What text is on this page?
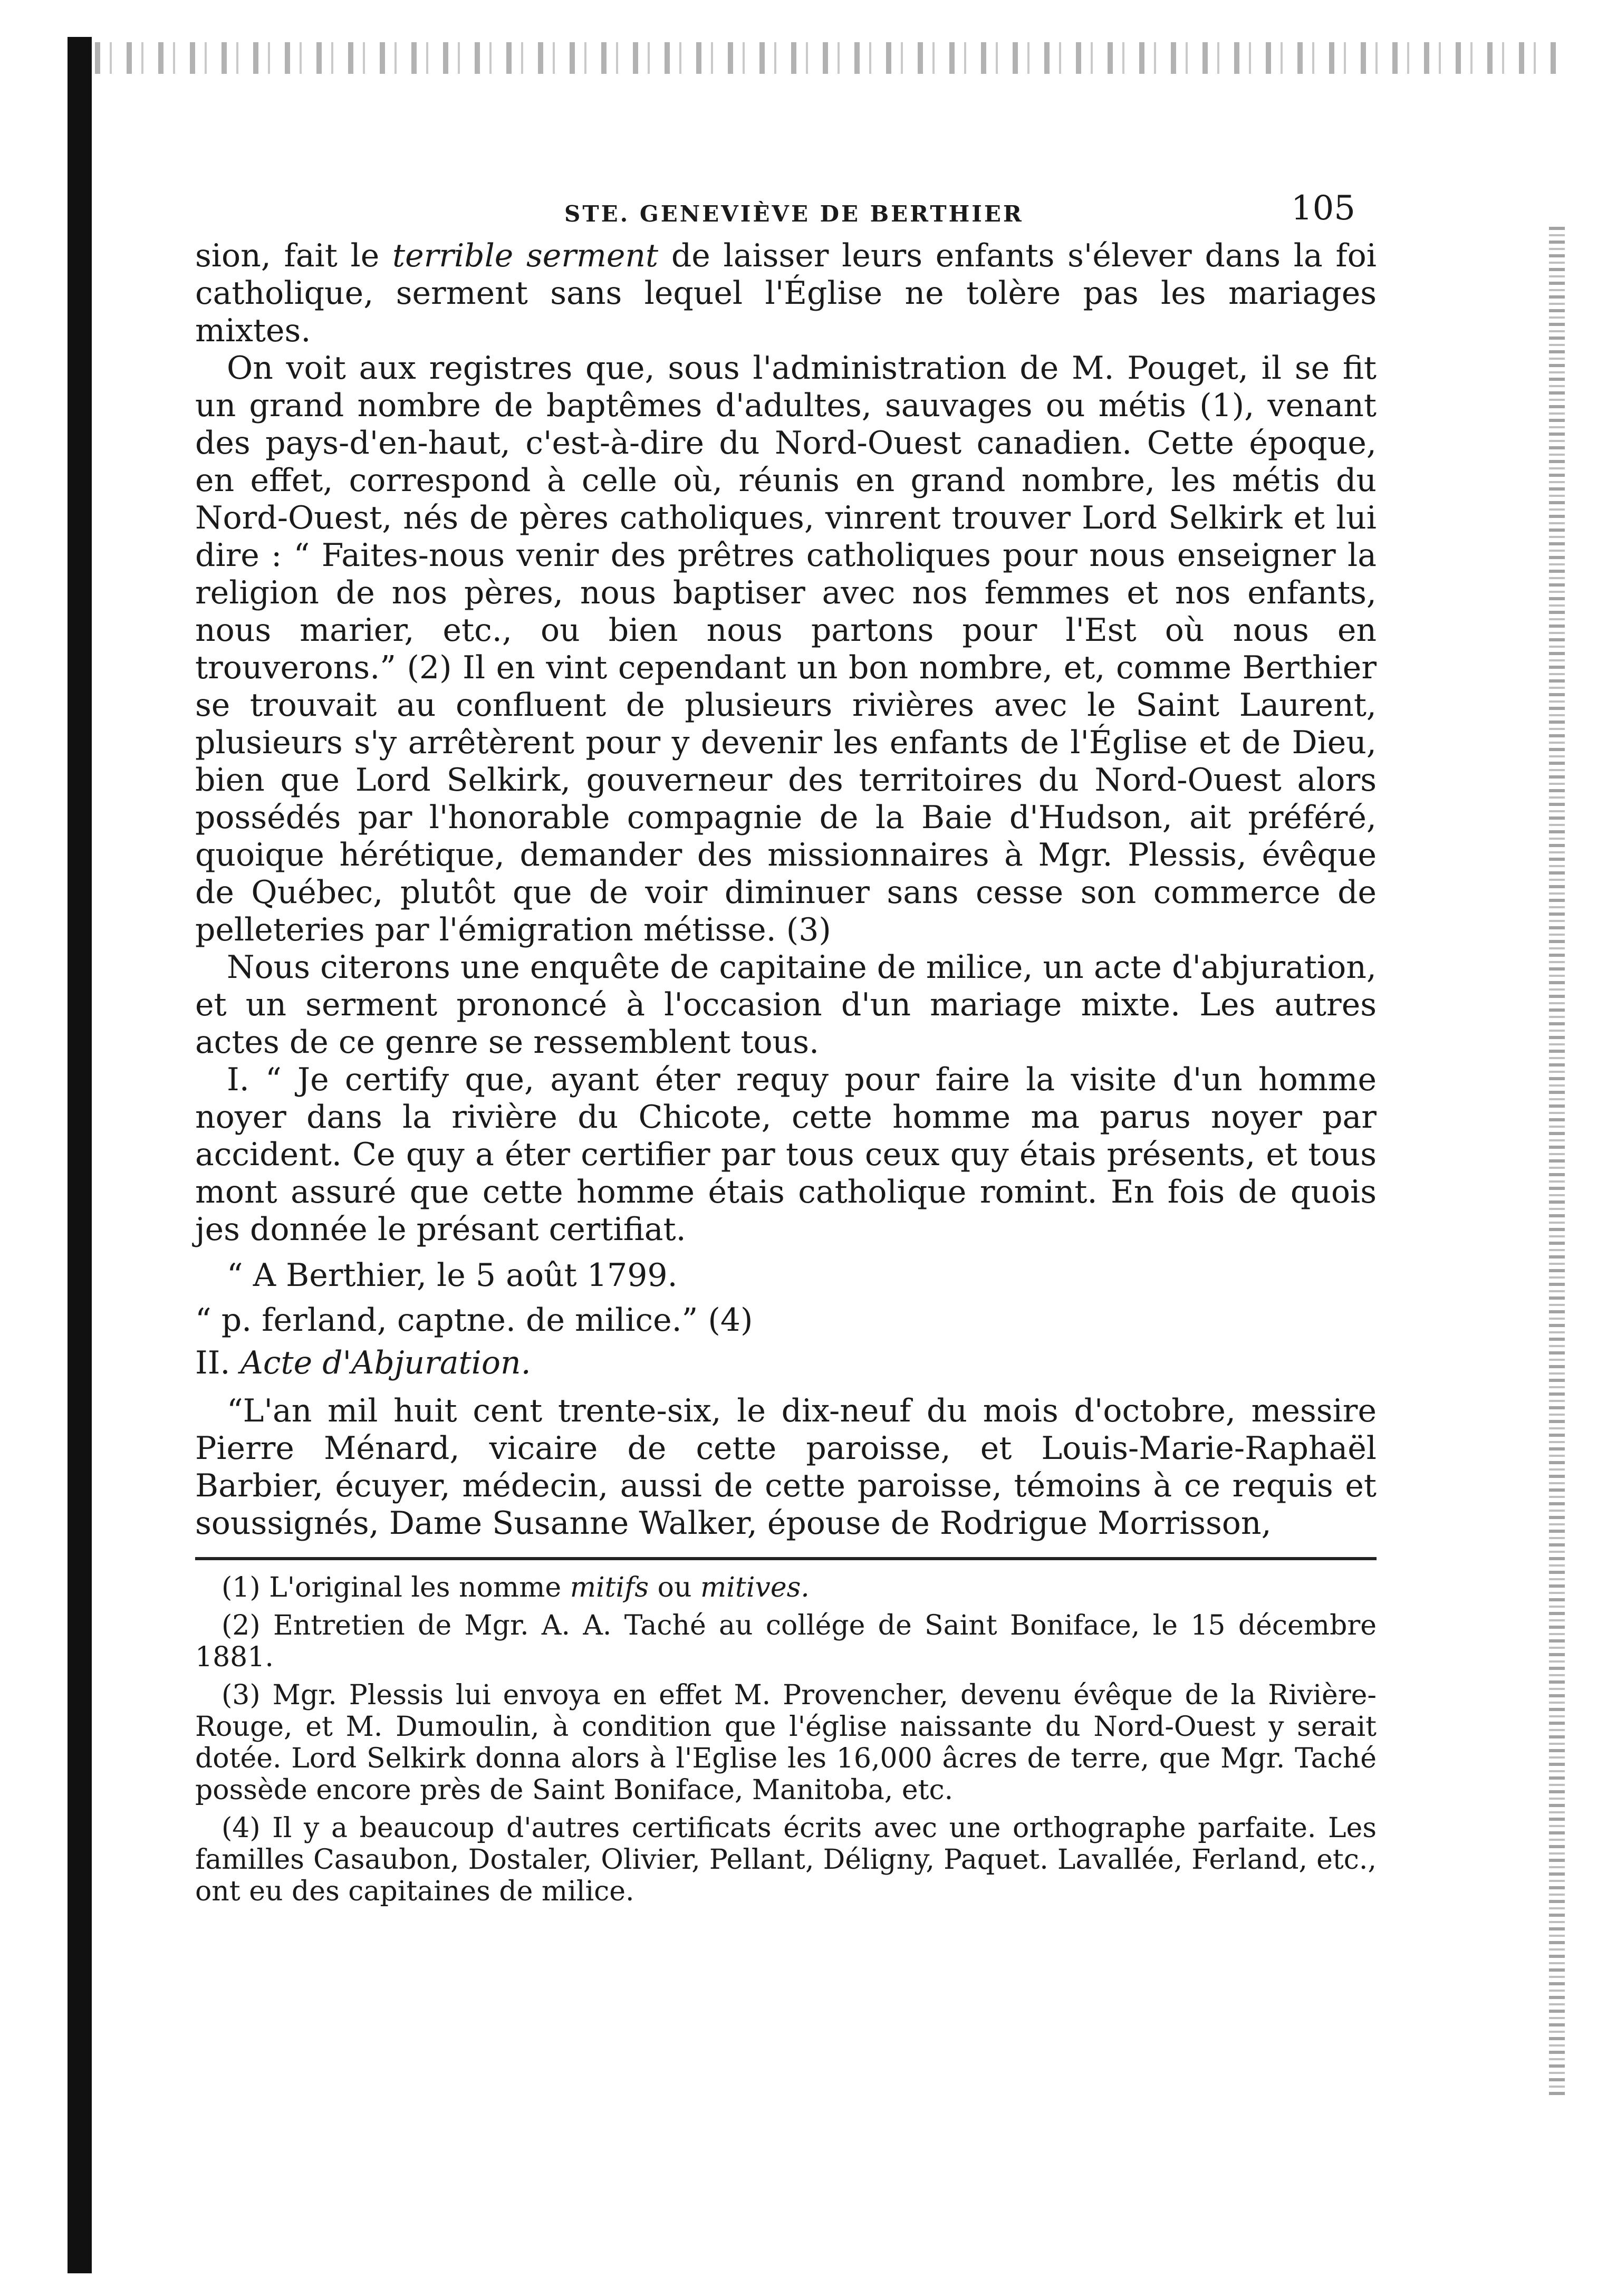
STE. GENEVIÈVE DE BERTHIER	105

sion, fait le terrible serment de laisser leurs enfants s'élever dans la foi catholique, serment sans lequel l'Église ne tolère pas les mariages mixtes.

On voit aux registres que, sous l'administration de M. Pouget, il se fit un grand nombre de baptêmes d'adultes, sauvages ou métis (1), venant des pays-d'en-haut, c'est-à-dire du Nord-Ouest canadien. Cette époque, en effet, correspond à celle où, réunis en grand nombre, les métis du Nord-Ouest, nés de pères catholiques, vinrent trouver Lord Selkirk et lui dire : “ Faites-nous venir des prêtres catholiques pour nous enseigner la religion de nos pères, nous baptiser avec nos femmes et nos enfants, nous marier, etc., ou bien nous partons pour l'Est où nous en trouverons.” (2) Il en vint cependant un bon nombre, et, comme Berthier se trouvait au confluent de plusieurs rivières avec le Saint Laurent, plusieurs s'y arrêtèrent pour y devenir les enfants de l'Église et de Dieu, bien que Lord Selkirk, gouverneur des territoires du Nord-Ouest alors possédés par l'honorable compagnie de la Baie d'Hudson, ait préféré, quoique hérétique, demander des missionnaires à Mgr. Plessis, évêque de Québec, plutôt que de voir diminuer sans cesse son commerce de pelleteries par l'émigration métisse. (3)

Nous citerons une enquête de capitaine de milice, un acte d'abjuration, et un serment prononcé à l'occasion d'un mariage mixte. Les autres actes de ce genre se ressemblent tous.

I. “ Je certify que, ayant éter requy pour faire la visite d'un homme noyer dans la rivière du Chicote, cette homme ma parus noyer par accident. Ce quy a éter certifier par tous ceux quy étais présents, et tous mont assuré que cette homme étais catholique romint. En fois de quois jes donnée le présant certifiat.

“ A Berthier, le 5 août 1799.

“ p. ferland, captne. de milice.” (4)

II. Acte d'Abjuration.

“L'an mil huit cent trente-six, le dix-neuf du mois d'octobre, messire Pierre Ménard, vicaire de cette paroisse, et Louis-Marie-Raphaël Barbier, écuyer, médecin, aussi de cette paroisse, témoins à ce requis et soussignés, Dame Susanne Walker, épouse de Rodrigue Morrisson,

(1) L'original les nomme mitifs ou mitives.

(2) Entretien de Mgr. A. A. Taché au collége de Saint Boniface, le 15 décembre 1881.

(3) Mgr. Plessis lui envoya en effet M. Provencher, devenu évêque de la Rivière-Rouge, et M. Dumoulin, à condition que l'église naissante du Nord-Ouest y serait dotée. Lord Selkirk donna alors à l'Eglise les 16,000 âcres de terre, que Mgr. Taché possède encore près de Saint Boniface, Manitoba, etc.

(4) Il y a beaucoup d'autres certificats écrits avec une orthographe parfaite. Les familles Casaubon, Dostaler, Olivier, Pellant, Déligny, Paquet. Lavallée, Ferland, etc., ont eu des capitaines de milice.
